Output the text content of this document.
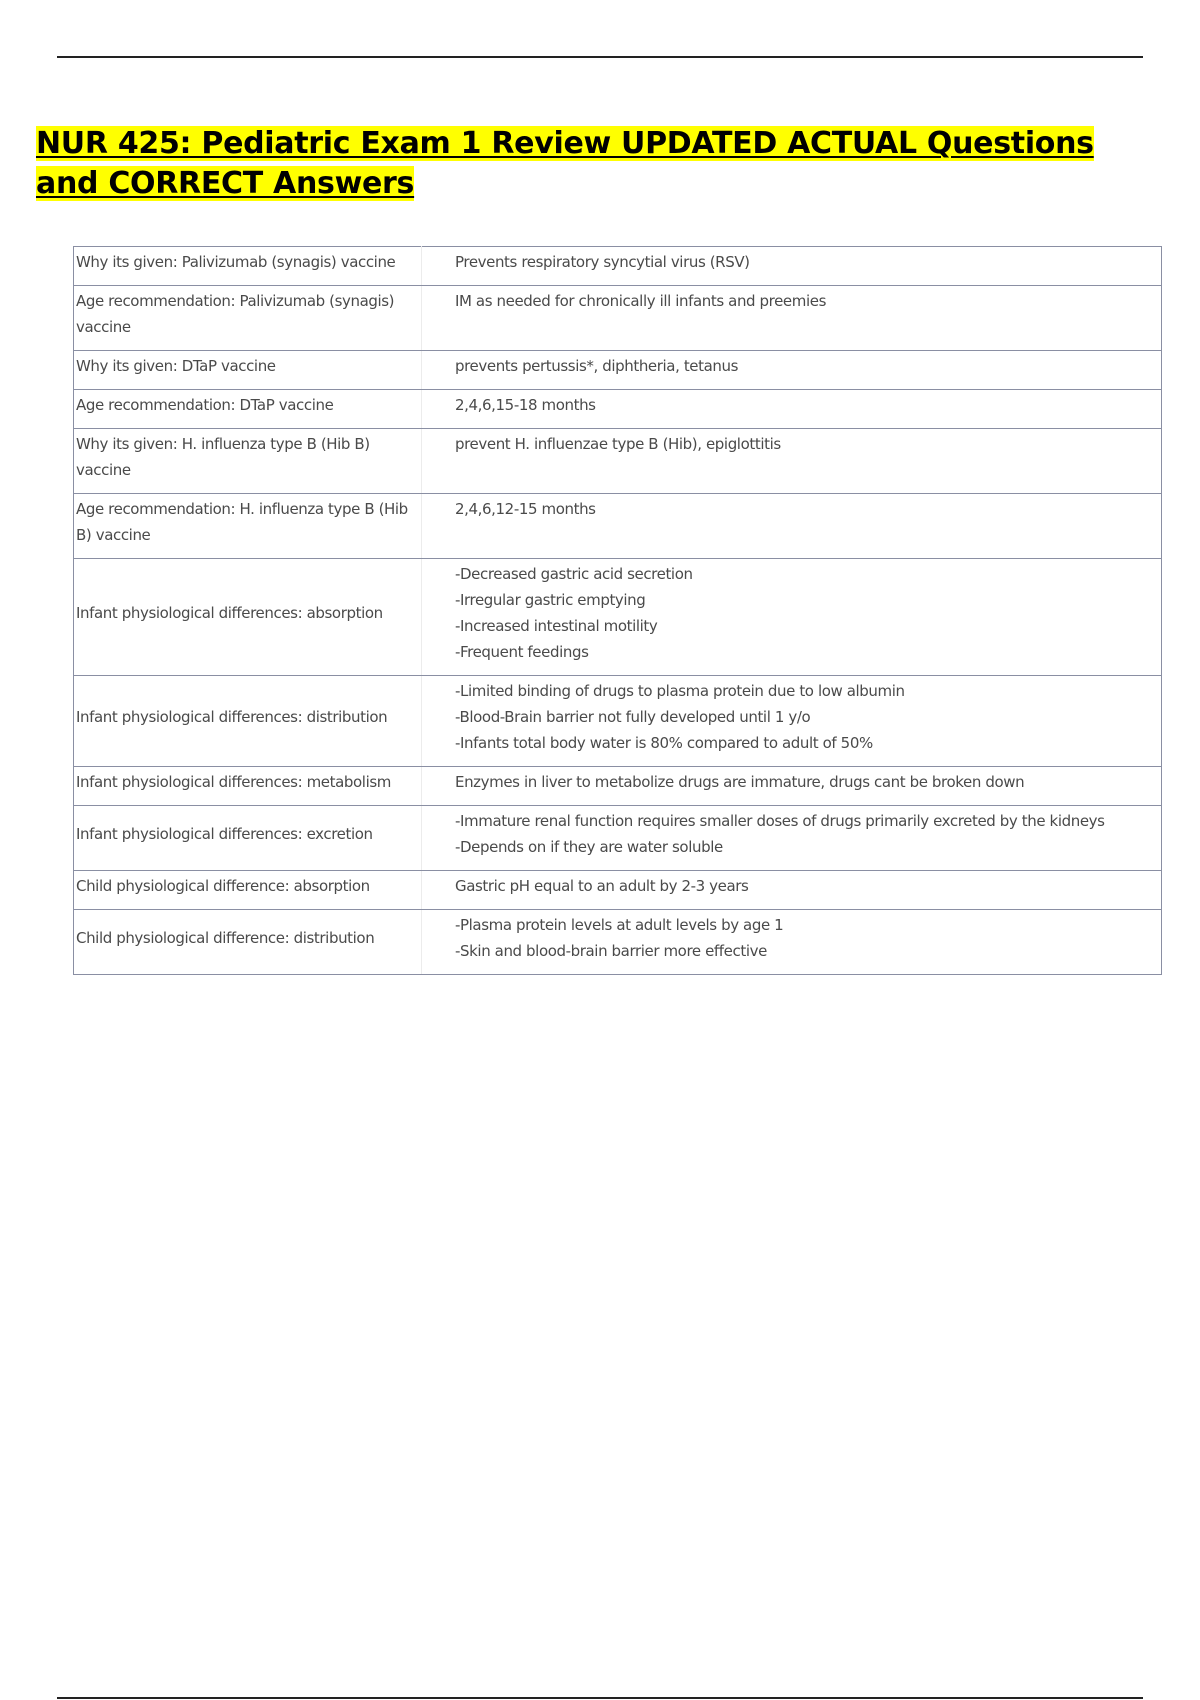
NUR 425: Pediatric Exam 1 Review UPDATED ACTUAL Questions and CORRECT Answers
Why its given: Palivizumab (synagis) vaccine	Prevents respiratory syncytial virus (RSV)

Age recommendation: Palivizumab (synagis) vaccine	IM as needed for chronically ill infants and preemies

Why its given: DTaP vaccine	prevents pertussis*, diphtheria, tetanus

Age recommendation: DTaP vaccine	2,4,6,15-18 months

Why its given: H. influenza type B (Hib B) vaccine	prevent H. influenzae type B (Hib), epiglottitis

Age recommendation: H. influenza type B (Hib B) vaccine	2,4,6,12-15 months

Infant physiological differences: absorption	-Decreased gastric acid secretion
-Irregular gastric emptying
-Increased intestinal motility
-Frequent feedings

Infant physiological differences: distribution	-Limited binding of drugs to plasma protein due to low albumin
-Blood-Brain barrier not fully developed until 1 y/o
-Infants total body water is 80% compared to adult of 50%

Infant physiological differences: metabolism	Enzymes in liver to metabolize drugs are immature, drugs cant be broken down

Infant physiological differences: excretion	-Immature renal function requires smaller doses of drugs primarily excreted by the kidneys
-Depends on if they are water soluble

Child physiological difference: absorption	Gastric pH equal to an adult by 2-3 years

Child physiological difference: distribution	-Plasma protein levels at adult levels by age 1
-Skin and blood-brain barrier more effective
